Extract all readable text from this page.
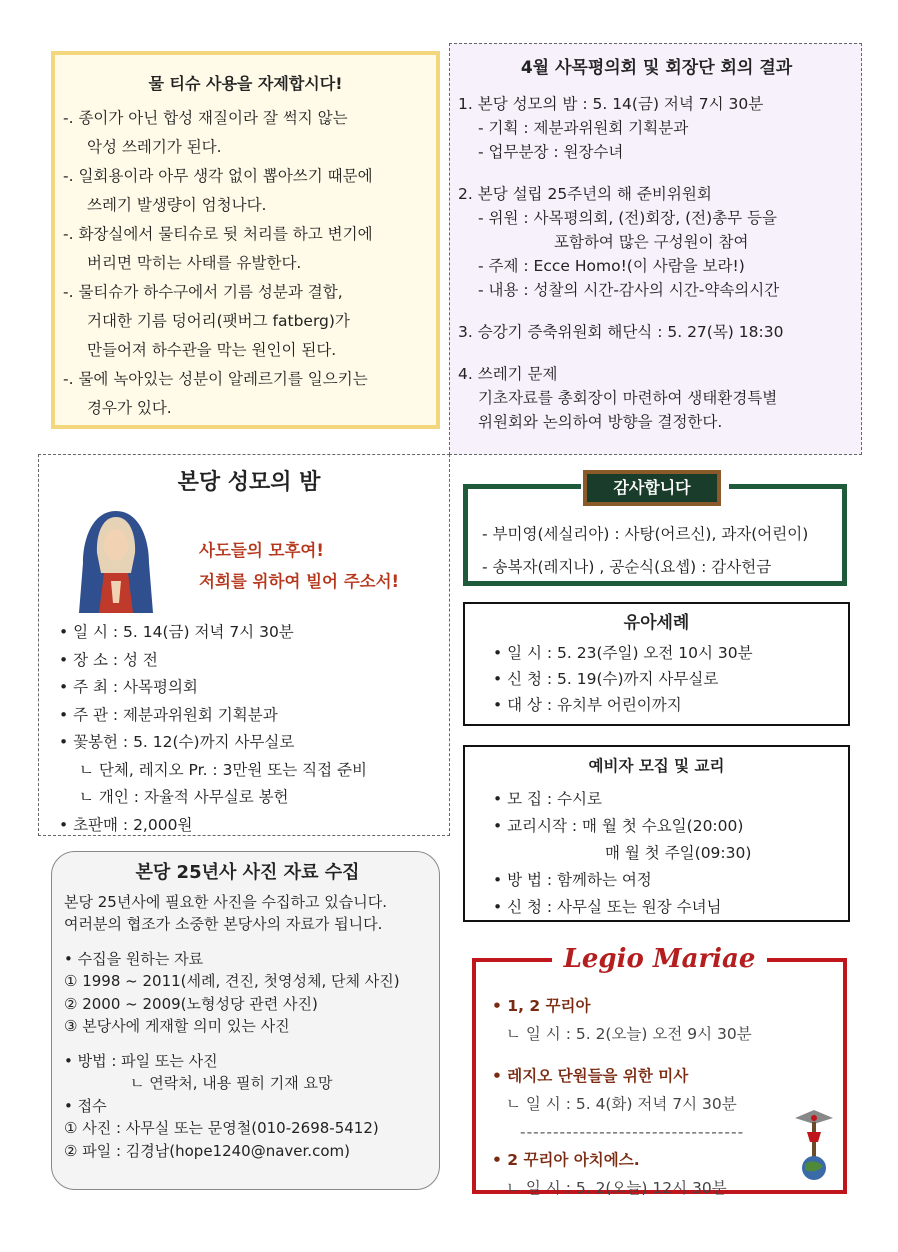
물 티슈 사용을 자제합시다!
-. 종이가 아닌 합성 재질이라 잘 썩지 않는
악성 쓰레기가 된다.
-. 일회용이라 아무 생각 없이 뽑아쓰기 때문에
쓰레기 발생량이 엄청나다.
-. 화장실에서 물티슈로 뒷 처리를 하고 변기에
버리면 막히는 사태를 유발한다.
-. 물티슈가 하수구에서 기름 성분과 결합,
거대한 기름 덩어리(팻버그 fatberg)가
만들어져 하수관을 막는 원인이 된다.
-. 물에 녹아있는 성분이 알레르기를 일으키는
경우가 있다.
4월 사목평의회 및 회장단 회의 결과
1. 본당 성모의 밤 : 5. 14(금) 저녁 7시 30분
- 기획 : 제분과위원회 기획분과
- 업무분장 : 원장수녀
2. 본당 설립 25주년의 해 준비위원회
- 위원 : 사목평의회, (전)회장, (전)총무 등을
포함하여 많은 구성원이 참여
- 주제 : Ecce Homo!(이 사람을 보라!)
- 내용 : 성찰의 시간-감사의 시간-약속의시간
3. 승강기 증축위원회 해단식 : 5. 27(목) 18:30
4. 쓰레기 문제
기초자료를 총회장이 마련하여 생태환경특별
위원회와 논의하여 방향을 결정한다.
본당 성모의 밤
사도들의 모후여!
저희를 위하여 빌어 주소서!
• 일 시 : 5. 14(금) 저녁 7시 30분
• 장 소 : 성 전
• 주 최 : 사목평의회
• 주 관 : 제분과위원회 기획분과
• 꽃봉헌 : 5. 12(수)까지 사무실로
ㄴ 단체, 레지오 Pr. : 3만원 또는 직접 준비
ㄴ 개인 : 자율적 사무실로 봉헌
• 초판매 : 2,000원
본당 25년사 사진 자료 수집
본당 25년사에 필요한 사진을 수집하고 있습니다.
여러분의 협조가 소중한 본당사의 자료가 됩니다.
• 수집을 원하는 자료
① 1998 ~ 2011(세례, 견진, 첫영성체, 단체 사진)
② 2000 ~ 2009(노형성당 관련 사진)
③ 본당사에 게재할 의미 있는 사진
• 방법 : 파일 또는 사진
ㄴ 연락처, 내용 필히 기재 요망
• 접수
① 사진 : 사무실 또는 문영철(010-2698-5412)
② 파일 : 김경남(hope1240@naver.com)
감사합니다
- 부미영(세실리아) : 사탕(어르신), 과자(어린이)
- 송복자(레지나) , 공순식(요셉) : 감사헌금
유아세례
• 일 시 : 5. 23(주일) 오전 10시 30분
• 신 청 : 5. 19(수)까지 사무실로
• 대 상 : 유치부 어린이까지
예비자 모집 및 교리
• 모 집 : 수시로
• 교리시작 : 매 월 첫 수요일(20:00)
매 월 첫 주일(09:30)
• 방 법 : 함께하는 여정
• 신 청 : 사무실 또는 원장 수녀님
Legio Mariae
• 1, 2 꾸리아
ㄴ 일 시 : 5. 2(오늘) 오전 9시 30분
• 레지오 단원들을 위한 미사
ㄴ 일 시 : 5. 4(화) 저녁 7시 30분
----------------------------------
• 2 꾸리아 아치에스.
ㄴ 일 시 : 5. 2(오늘) 12시 30분
